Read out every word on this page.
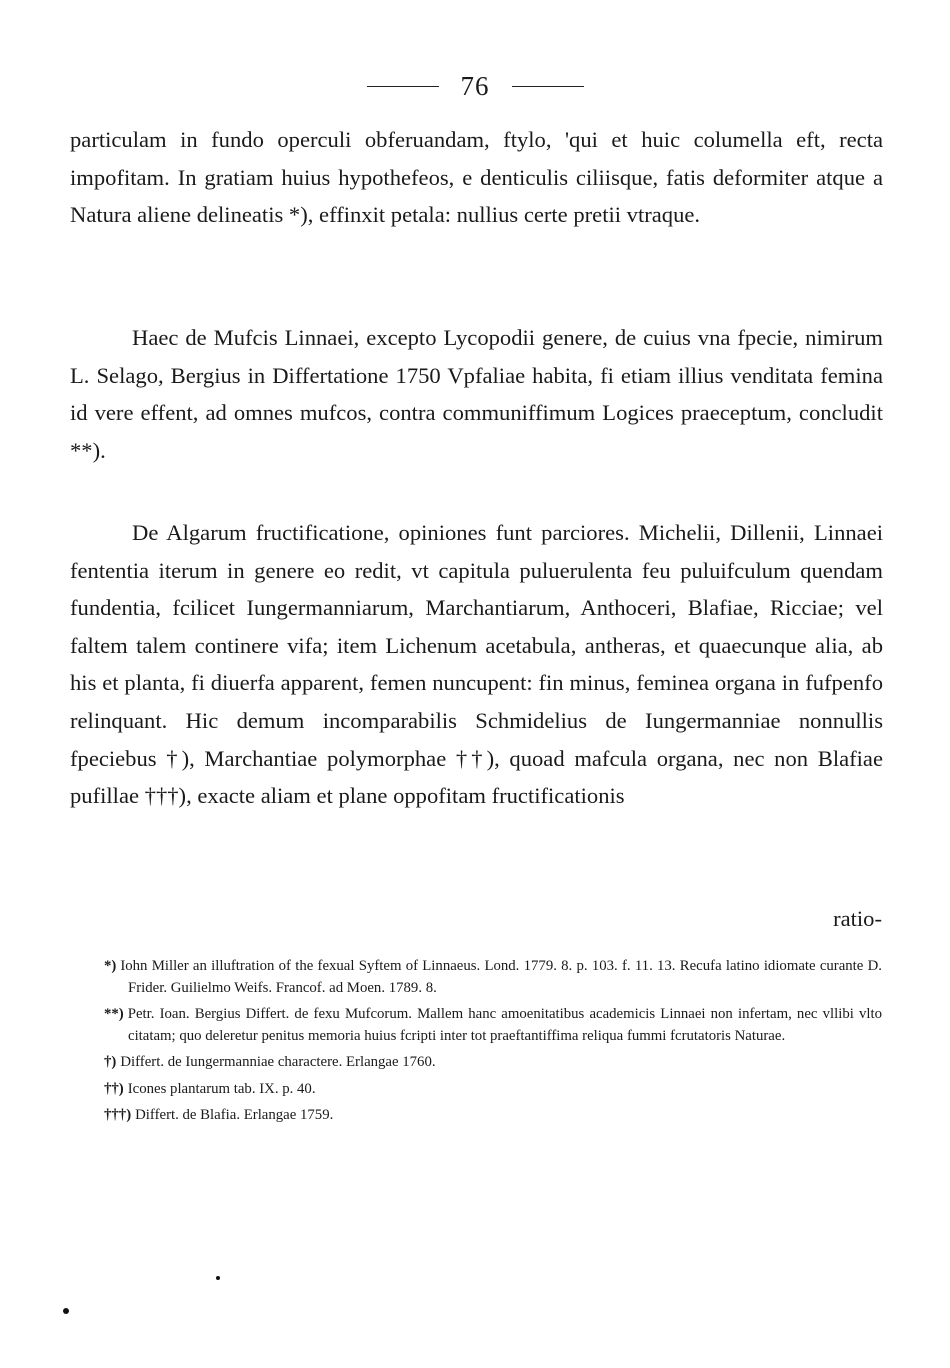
76

particulam in fundo operculi obferuandam, ftylo, 'qui et huic columella eft, recta impofitam. In gratiam huius hypothefeos, e denticulis ciliisque, fatis deformiter atque a Natura aliene delineatis *), effinxit petala: nullius certe pretii vtraque.

Haec de Mufcis Linnaei, excepto Lycopodii genere, de cuius vna fpecie, nimirum L. Selago, Bergius in Differtatione 1750 Vpfaliae habita, fi etiam illius venditata femina id vere effent, ad omnes mufcos, contra communiffimum Logices praeceptum, concludit **).

De Algarum fructificatione, opiniones funt parciores. Michelii, Dillenii, Linnaei fententia iterum in genere eo redit, vt capitula puluerulenta feu puluifculum quendam fundentia, fcilicet Iungermanniarum, Marchantiarum, Anthoceri, Blafiae, Ricciae; vel faltem talem continere vifa; item Lichenum acetabula, antheras, et quaecunque alia, ab his et planta, fi diuerfa apparent, femen nuncupent: fin minus, feminea organa in fufpenfo relinquant. Hic demum incomparabilis Schmidelius de Iungermanniae nonnullis fpeciebus †), Marchantiae polymorphae ††), quoad mafcula organa, nec non Blafiae pufillae †††), exacte aliam et plane oppofitam fructificationis

ratio-

*) Iohn Miller an illuftration of the fexual Syftem of Linnaeus. Lond. 1779. 8. p. 103. f. 11. 13. Recufa latino idiomate curante D. Frider. Guilielmo Weifs. Francof. ad Moen. 1789. 8.

**) Petr. Ioan. Bergius Differt. de fexu Mufcorum. Mallem hanc amoenitatibus academicis Linnaei non infertam, nec vllibi vlto citatam; quo deleretur penitus memoria huius fcripti inter tot praeftantiffima reliqua fummi fcrutatoris Naturae.

†) Differt. de Iungermanniae charactere. Erlangae 1760.

††) Icones plantarum tab. IX. p. 40.

†††) Differt. de Blafia. Erlangae 1759.
